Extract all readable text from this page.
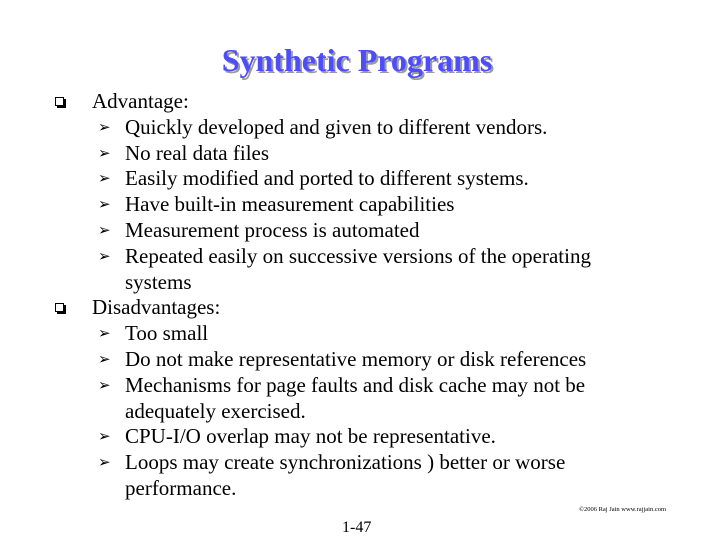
Synthetic Programs
Advantage:
➢ Quickly developed and given to different vendors.
➢ No real data files
➢ Easily modified and ported to different systems.
➢ Have built-in measurement capabilities
➢ Measurement process is automated
➢ Repeated easily on successive versions of the operating systems
Disadvantages:
➢ Too small
➢ Do not make representative memory or disk references
➢ Mechanisms for page faults and disk cache may not be adequately exercised.
➢ CPU-I/O overlap may not be representative.
➢ Loops may create synchronizations ) better or worse performance.
©2006 Raj Jain www.rajjain.com
1-47
